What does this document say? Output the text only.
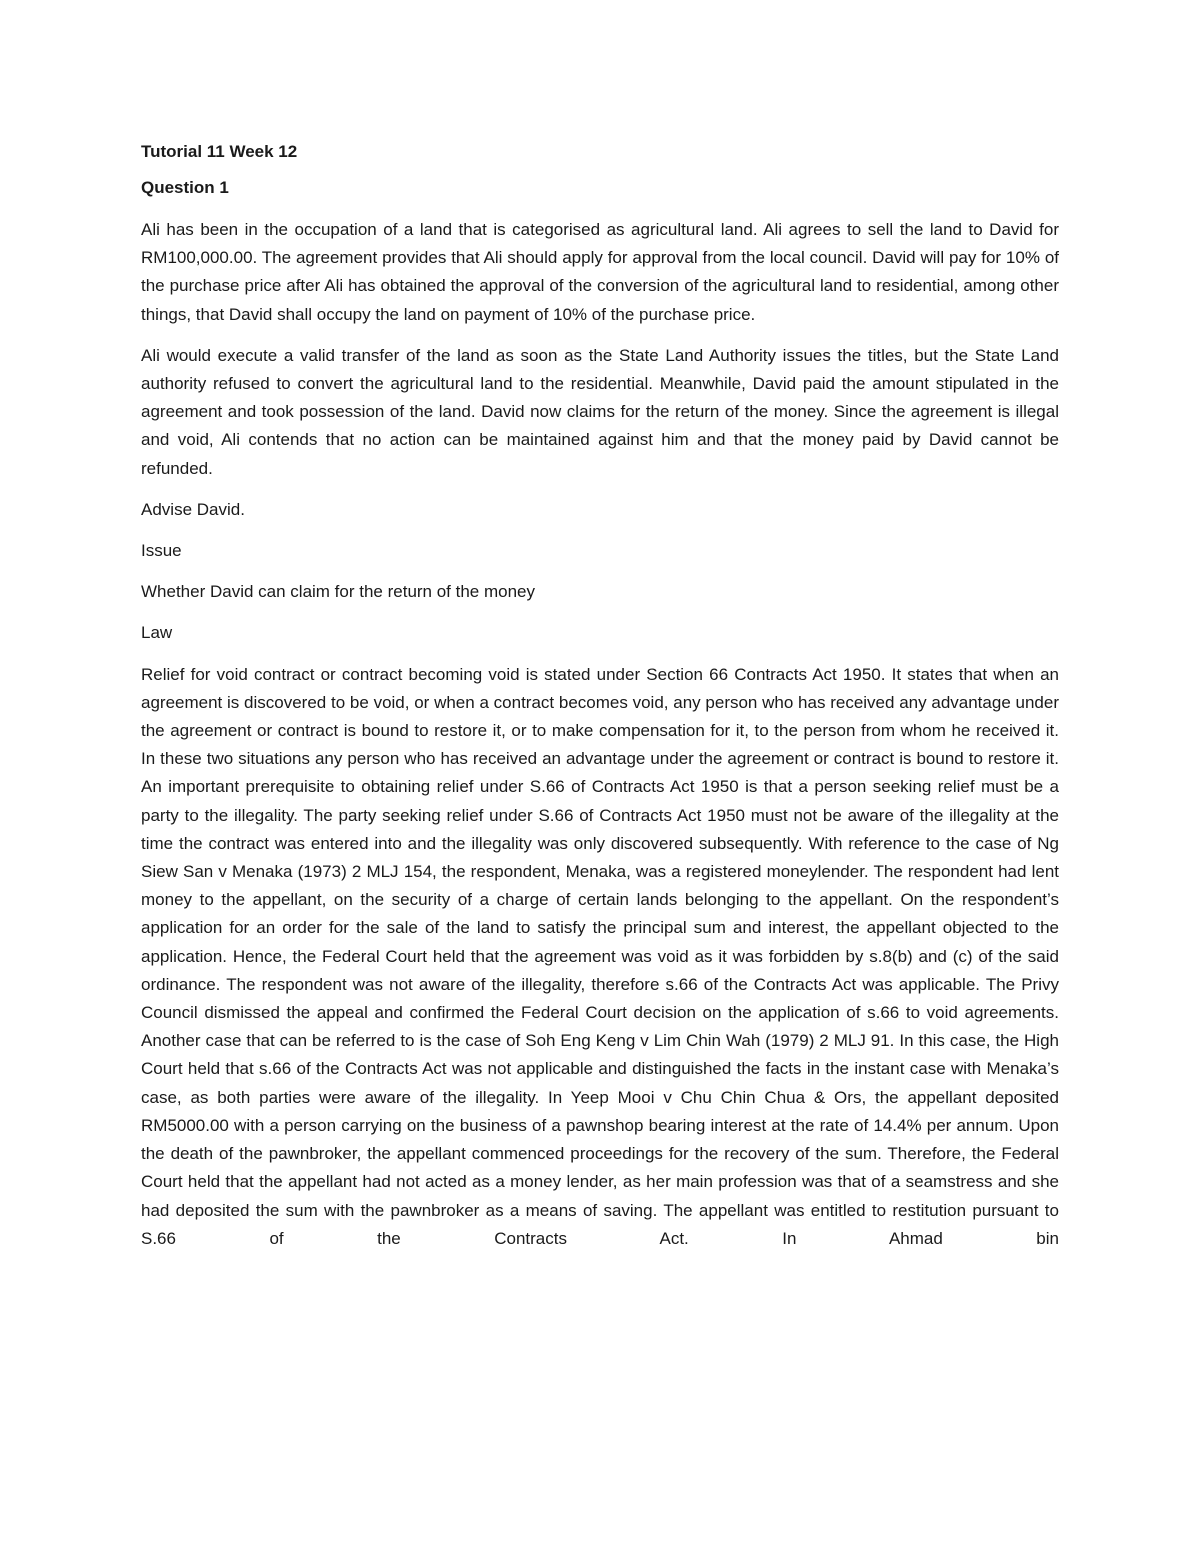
Tutorial 11 Week 12

Question 1

Ali has been in the occupation of a land that is categorised as agricultural land. Ali agrees to sell the land to David for RM100,000.00. The agreement provides that Ali should apply for approval from the local council. David will pay for 10% of the purchase price after Ali has obtained the approval of the conversion of the agricultural land to residential, among other things, that David shall occupy the land on payment of 10% of the purchase price.

Ali would execute a valid transfer of the land as soon as the State Land Authority issues the titles, but the State Land authority refused to convert the agricultural land to the residential. Meanwhile, David paid the amount stipulated in the agreement and took possession of the land. David now claims for the return of the money. Since the agreement is illegal and void, Ali contends that no action can be maintained against him and that the money paid by David cannot be refunded.

Advise David.

Issue

Whether David can claim for the return of the money

Law

Relief for void contract or contract becoming void is stated under Section 66 Contracts Act 1950. It states that when an agreement is discovered to be void, or when a contract becomes void, any person who has received any advantage under the agreement or contract is bound to restore it, or to make compensation for it, to the person from whom he received it. In these two situations any person who has received an advantage under the agreement or contract is bound to restore it. An important prerequisite to obtaining relief under S.66 of Contracts Act 1950 is that a person seeking relief must be a party to the illegality. The party seeking relief under S.66 of Contracts Act 1950 must not be aware of the illegality at the time the contract was entered into and the illegality was only discovered subsequently. With reference to the case of Ng Siew San v Menaka (1973) 2 MLJ 154, the respondent, Menaka, was a registered moneylender. The respondent had lent money to the appellant, on the security of a charge of certain lands belonging to the appellant. On the respondent’s application for an order for the sale of the land to satisfy the principal sum and interest, the appellant objected to the application. Hence, the Federal Court held that the agreement was void as it was forbidden by s.8(b) and (c) of the said ordinance. The respondent was not aware of the illegality, therefore s.66 of the Contracts Act was applicable. The Privy Council dismissed the appeal and confirmed the Federal Court decision on the application of s.66 to void agreements. Another case that can be referred to is the case of Soh Eng Keng v Lim Chin Wah (1979) 2 MLJ 91. In this case, the High Court held that s.66 of the Contracts Act was not applicable and distinguished the facts in the instant case with Menaka’s case, as both parties were aware of the illegality. In Yeep Mooi v Chu Chin Chua & Ors, the appellant deposited RM5000.00 with a person carrying on the business of a pawnshop bearing interest at the rate of 14.4% per annum. Upon the death of the pawnbroker, the appellant commenced proceedings for the recovery of the sum. Therefore, the Federal Court held that the appellant had not acted as a money lender, as her main profession was that of a seamstress and she had deposited the sum with the pawnbroker as a means of saving. The appellant was entitled to restitution pursuant to S.66 of the Contracts Act. In Ahmad bin
